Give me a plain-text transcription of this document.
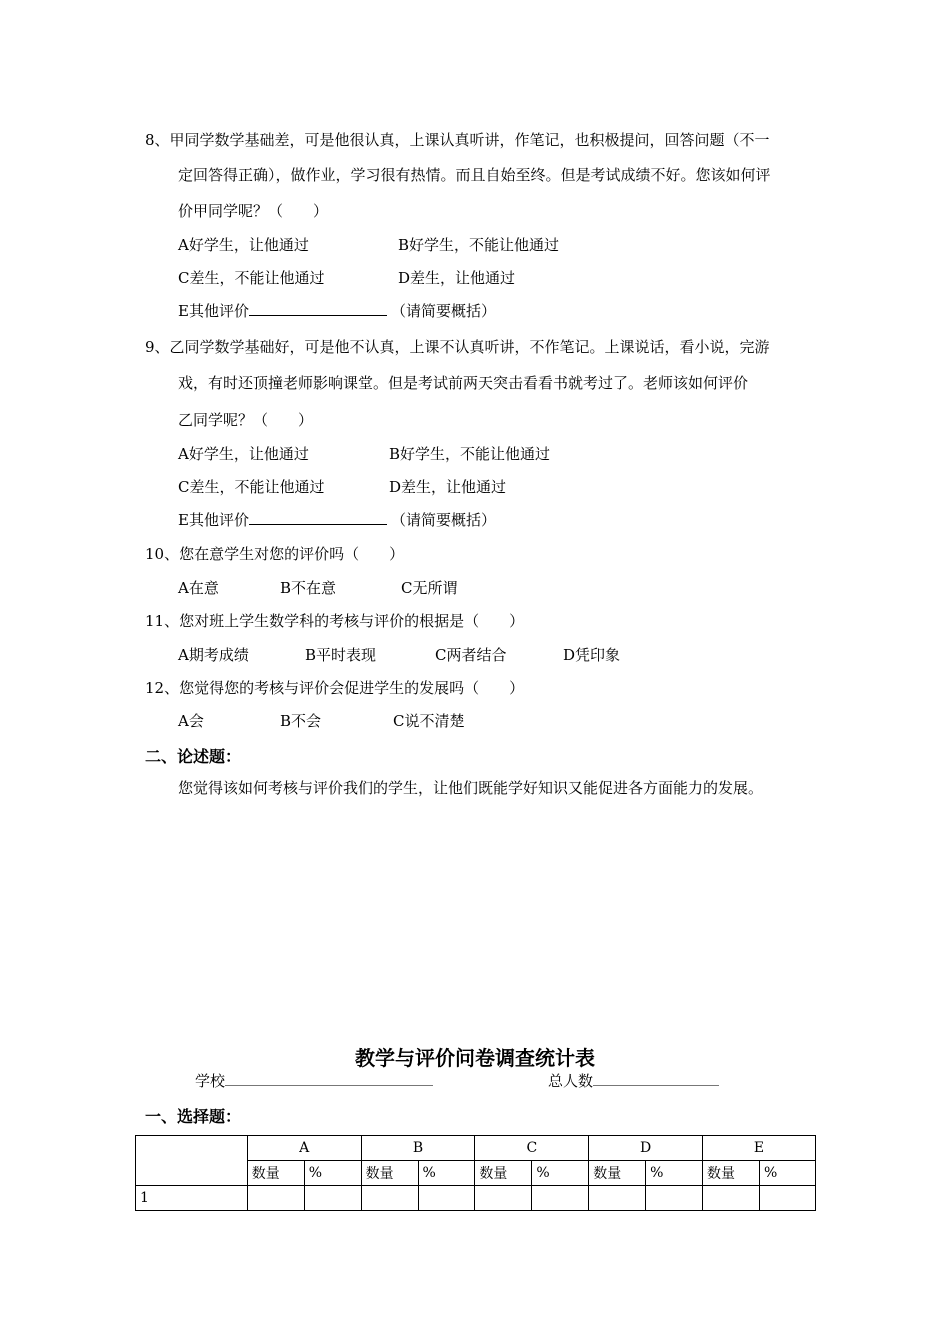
8、甲同学数学基础差，可是他很认真，上课认真听讲，作笔记，也积极提问，回答问题（不一
定回答得正确），做作业，学习很有热情。而且自始至终。但是考试成绩不好。您该如何评
价甲同学呢？（　　）
A好学生，让他通过	B好学生，不能让他通过
C差生，不能让他通过	D差生，让他通过
E其他评价	（请简要概括）
9、乙同学数学基础好，可是他不认真，上课不认真听讲，不作笔记。上课说话，看小说，完游
戏，有时还顶撞老师影响课堂。但是考试前两天突击看看书就考过了。老师该如何评价
乙同学呢？（　　）
A好学生，让他通过	B好学生，不能让他通过
C差生，不能让他通过	D差生，让他通过
E其他评价	（请简要概括）
10、您在意学生对您的评价吗（　　）
A在意	B不在意	C无所谓
11、您对班上学生数学科的考核与评价的根据是（　　）
A期考成绩	B平时表现	C两者结合	D凭印象
12、您觉得您的考核与评价会促进学生的发展吗（　　）
A会	B不会	C说不清楚
二、论述题：
您觉得该如何考核与评价我们的学生，让他们既能学好知识又能促进各方面能力的发展。
教学与评价问卷调查统计表
学校	总人数
一、选择题：
	A		B		C		D		E	
	数量	%	数量	%	数量	%	数量	%	数量	%
1										
